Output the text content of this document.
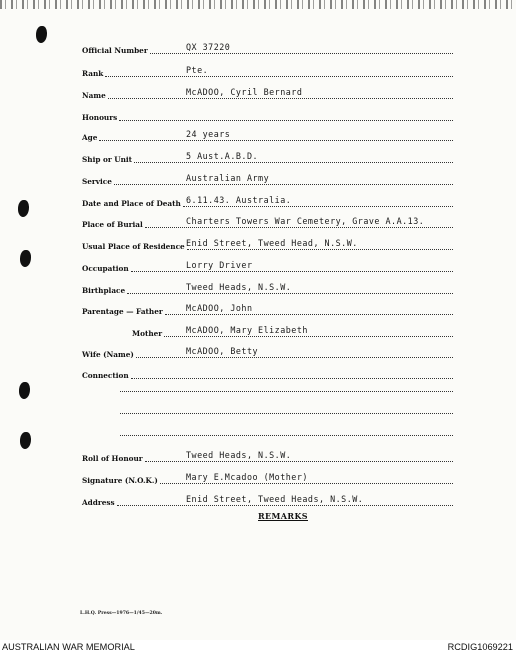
Official Number	QX 37220
Rank	Pte.
Name	McADOO, Cyril Bernard
Honours
Age	24 years
Ship or Unit	5 Aust.A.B.D.
Service	Australian Army
Date and Place of Death 6.11.43. Australia.
Place of Burial	Charters Towers War Cemetery, Grave A.A.13.
Usual Place of Residence Enid Street, Tweed Head, N.S.W.
Occupation	Lorry Driver
Birthplace	Tweed Heads, N.S.W.
Parentage — Father	McADOO, John
Mother	McADOO, Mary Elizabeth
Wife (Name)	McADOO, Betty
Connection
Roll of Honour	Tweed Heads, N.S.W.
Signature (N.O.K.)	Mary E.Mcadoo (Mother)
Address	Enid Street, Tweed Heads, N.S.W.
REMARKS
L.H.Q. Press—1976—1/45—20m.
AUSTRALIAN WAR MEMORIAL	RCDIG1069221
